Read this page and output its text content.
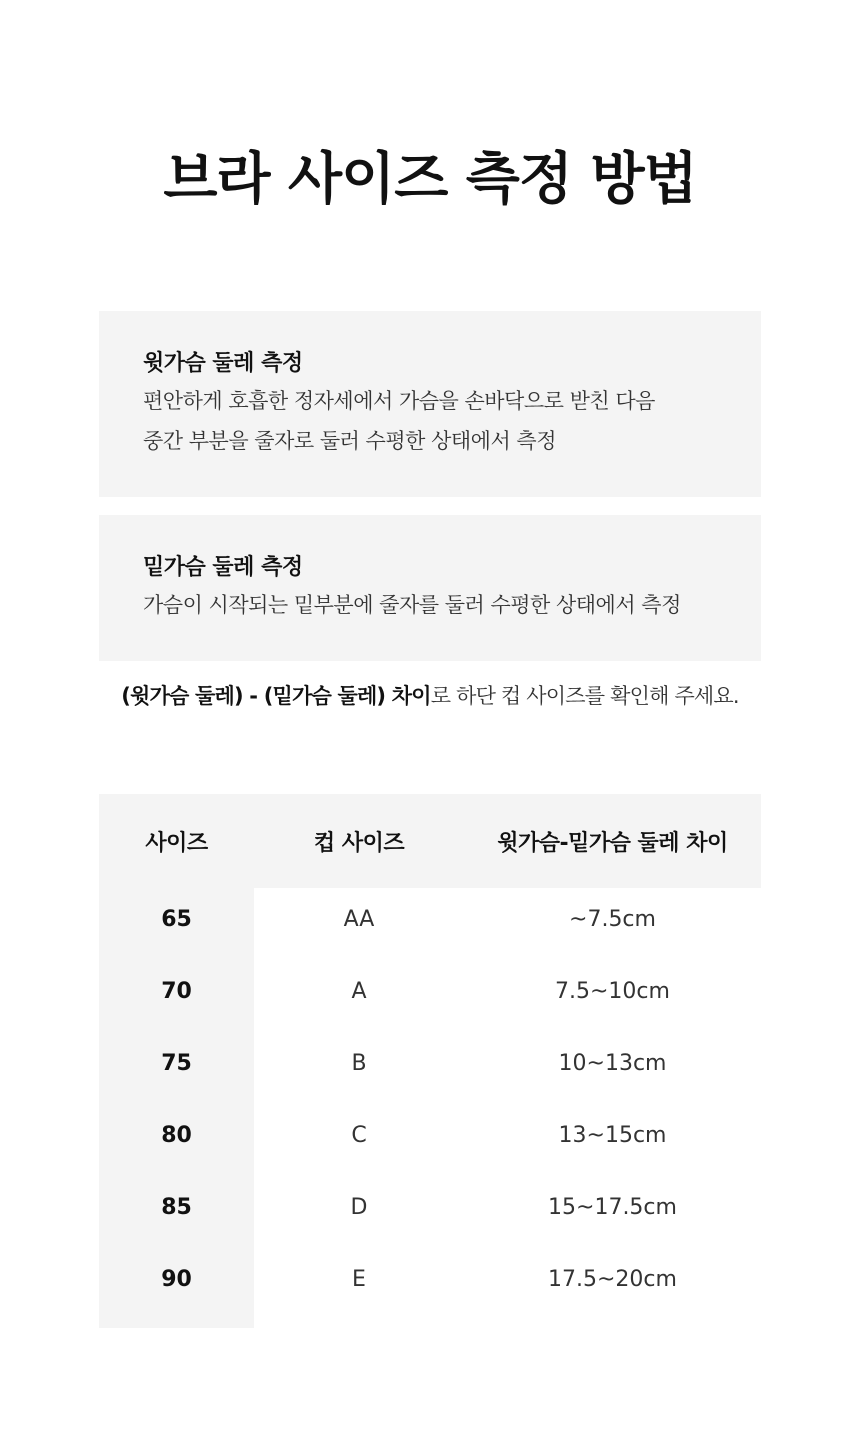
브라 사이즈 측정 방법
윗가슴 둘레 측정
편안하게 호흡한 정자세에서 가슴을 손바닥으로 받친 다음
중간 부분을 줄자로 둘러 수평한 상태에서 측정
밑가슴 둘레 측정
가슴이 시작되는 밑부분에 줄자를 둘러 수평한 상태에서 측정
(윗가슴 둘레) - (밑가슴 둘레) 차이로 하단 컵 사이즈를 확인해 주세요.
사이즈	컵 사이즈	윗가슴-밑가슴 둘레 차이
65	AA	~7.5cm
70	A	7.5~10cm
75	B	10~13cm
80	C	13~15cm
85	D	15~17.5cm
90	E	17.5~20cm
